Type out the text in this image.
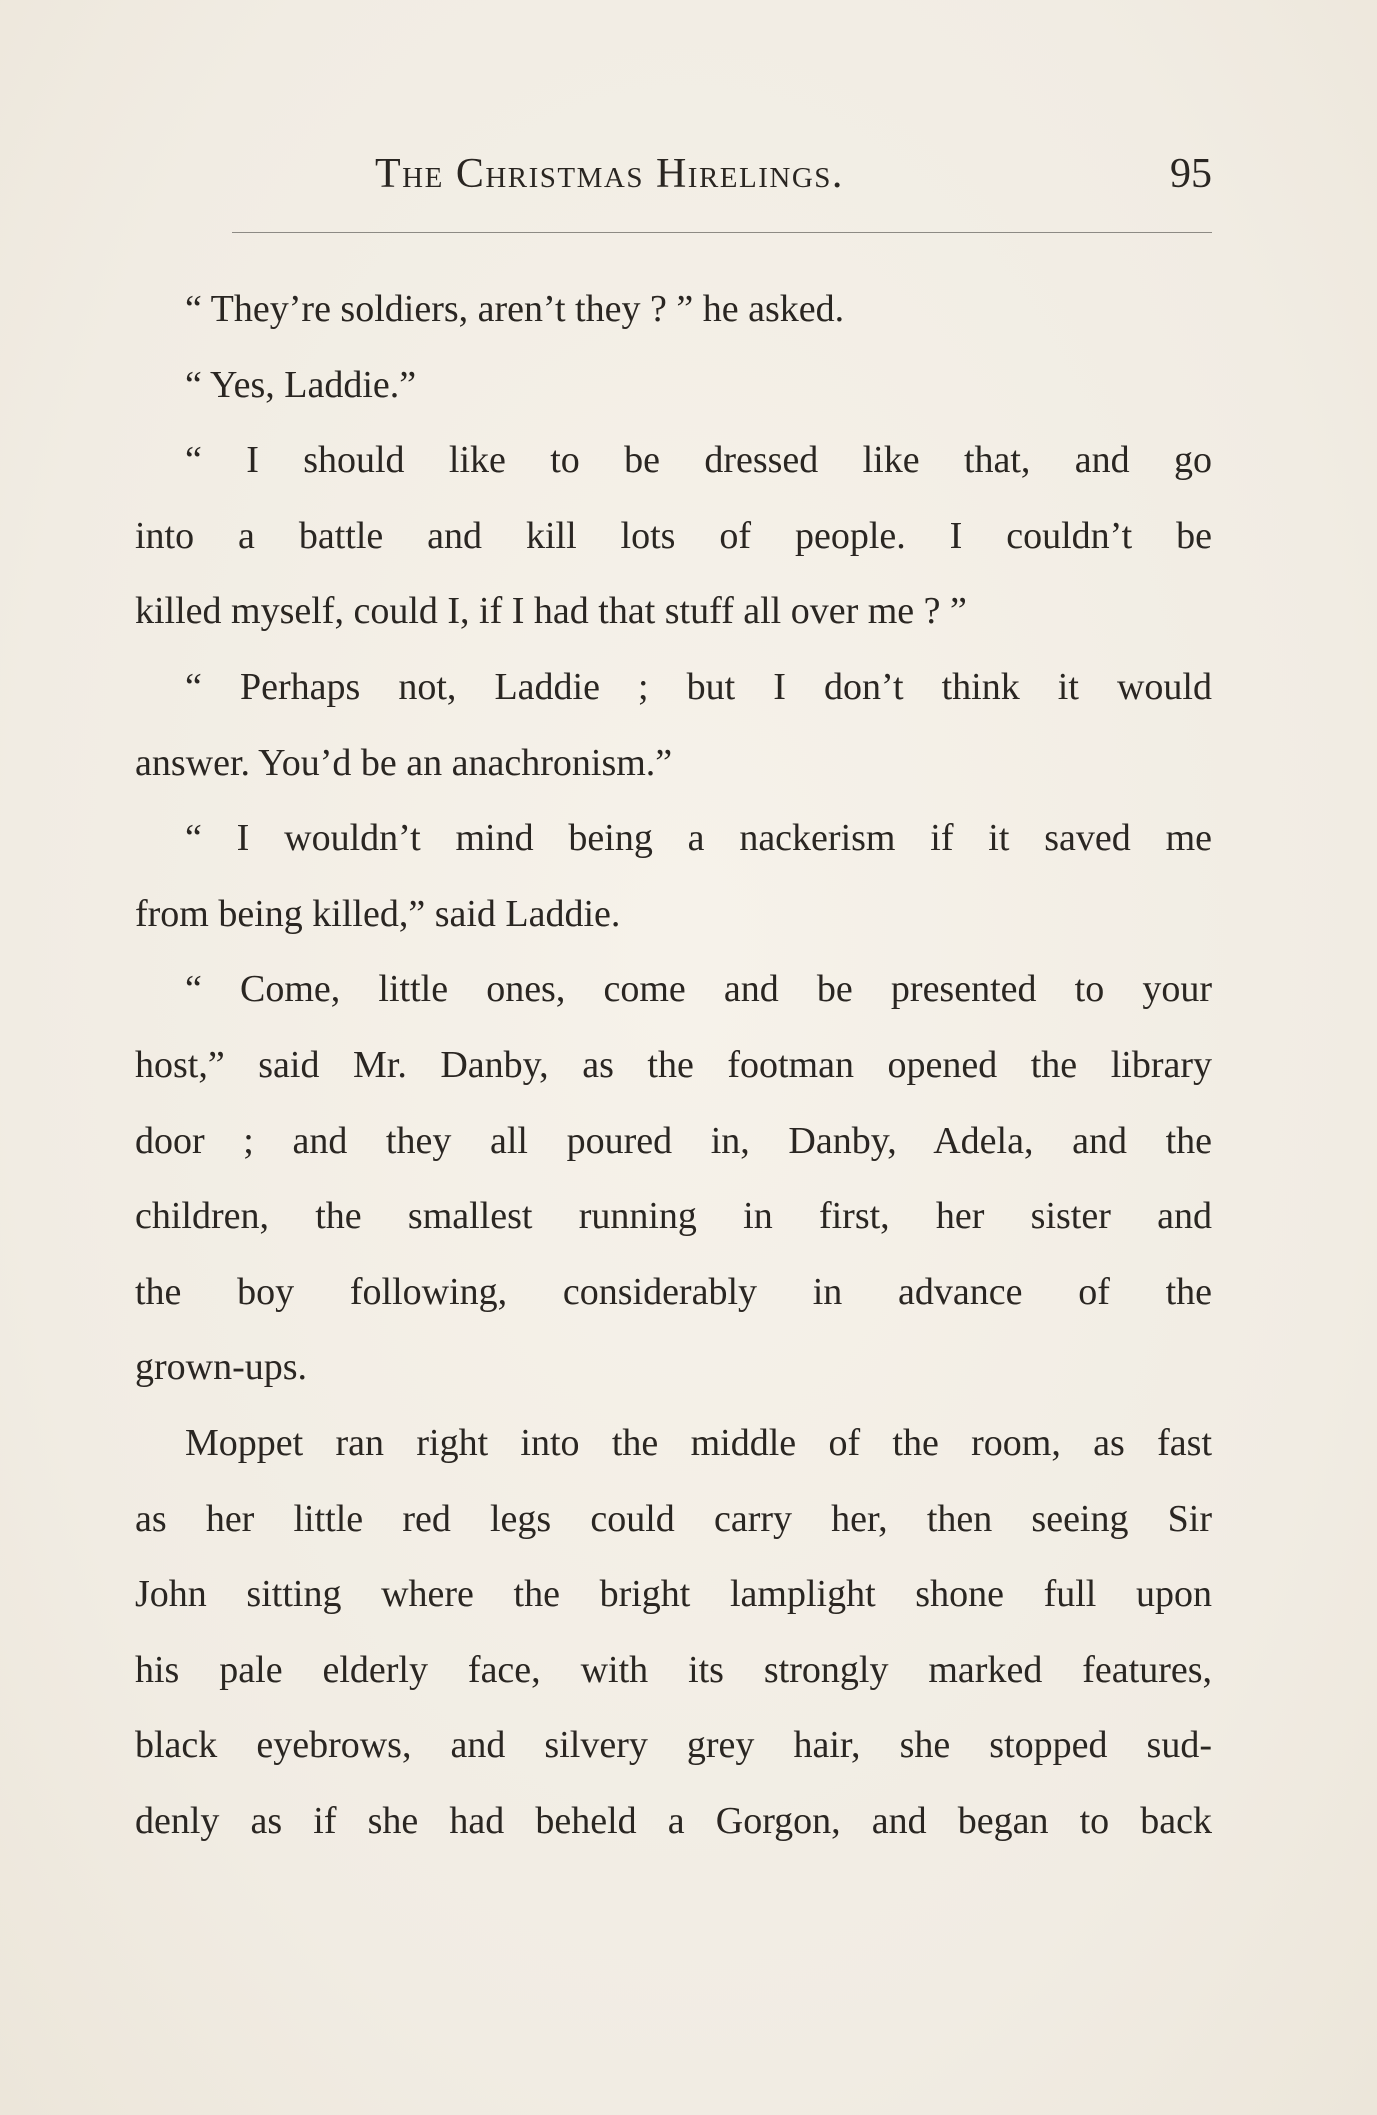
The Christmas Hirelings.	95
“ They’re soldiers, aren’t they ? ” he asked.
“ Yes, Laddie.”
“ I should like to be dressed like that, and go
into a battle and kill lots of people. I couldn’t be
killed myself, could I, if I had that stuff all over me ? ”
“ Perhaps not, Laddie ; but I don’t think it would
answer. You’d be an anachronism.”
“ I wouldn’t mind being a nackerism if it saved me
from being killed,” said Laddie.
“ Come, little ones, come and be presented to your
host,” said Mr. Danby, as the footman opened the library
door ; and they all poured in, Danby, Adela, and the
children, the smallest running in first, her sister and
the boy following, considerably in advance of the
grown-ups.
Moppet ran right into the middle of the room, as fast
as her little red legs could carry her, then seeing Sir
John sitting where the bright lamplight shone full upon
his pale elderly face, with its strongly marked features,
black eyebrows, and silvery grey hair, she stopped sud-
denly as if she had beheld a Gorgon, and began to back
